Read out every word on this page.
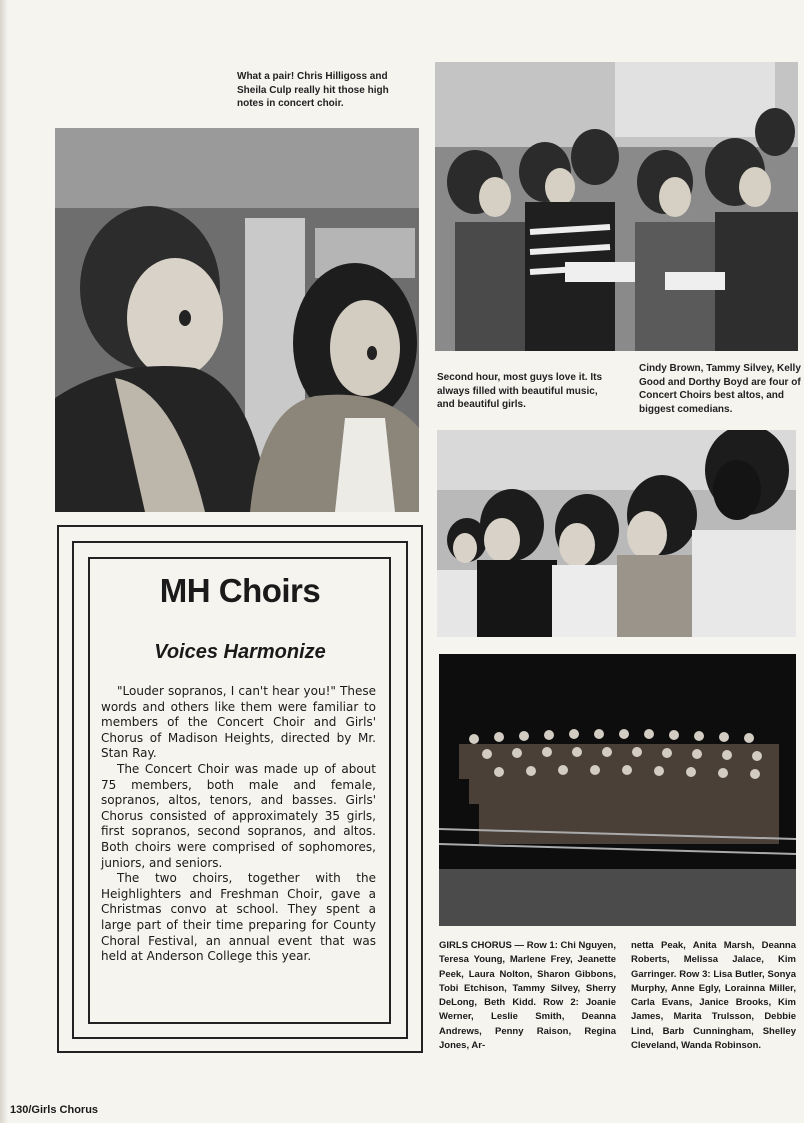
What a pair! Chris Hilligoss and Sheila Culp really hit those high notes in concert choir.
Second hour, most guys love it. Its always filled with beautiful music, and beautiful girls.
Cindy Brown, Tammy Silvey, Kelly Good and Dorthy Boyd are four of Concert Choirs best altos, and biggest comedians.
MH Choirs
Voices Harmonize

"Louder sopranos, I can't hear you!" These words and others like them were familiar to members of the Concert Choir and Girls' Chorus of Madison Heights, directed by Mr. Stan Ray.

The Concert Choir was made up of about 75 members, both male and female, sopranos, altos, tenors, and basses. Girls' Chorus consisted of approximately 35 girls, first sopranos, second sopranos, and altos. Both choirs were comprised of sophomores, juniors, and seniors.

The two choirs, together with the Heighlighters and Freshman Choir, gave a Christmas convo at school. They spent a large part of their time preparing for County Choral Festival, an annual event that was held at Anderson College this year.

GIRLS CHORUS — Row 1: Chi Nguyen, Teresa Young, Marlene Frey, Jeanette Peek, Laura Nolton, Sharon Gibbons, Tobi Etchison, Tammy Silvey, Sherry DeLong, Beth Kidd. Row 2: Joanie Werner, Leslie Smith, Deanna Andrews, Penny Raison, Regina Jones, Ar-
netta Peak, Anita Marsh, Deanna Roberts, Melissa Jalace, Kim Garringer. Row 3: Lisa Butler, Sonya Murphy, Anne Egly, Lorainna Miller, Carla Evans, Janice Brooks, Kim James, Marita Trulsson, Debbie Lind, Barb Cunningham, Shelley Cleveland, Wanda Robinson.
130/Girls Chorus
